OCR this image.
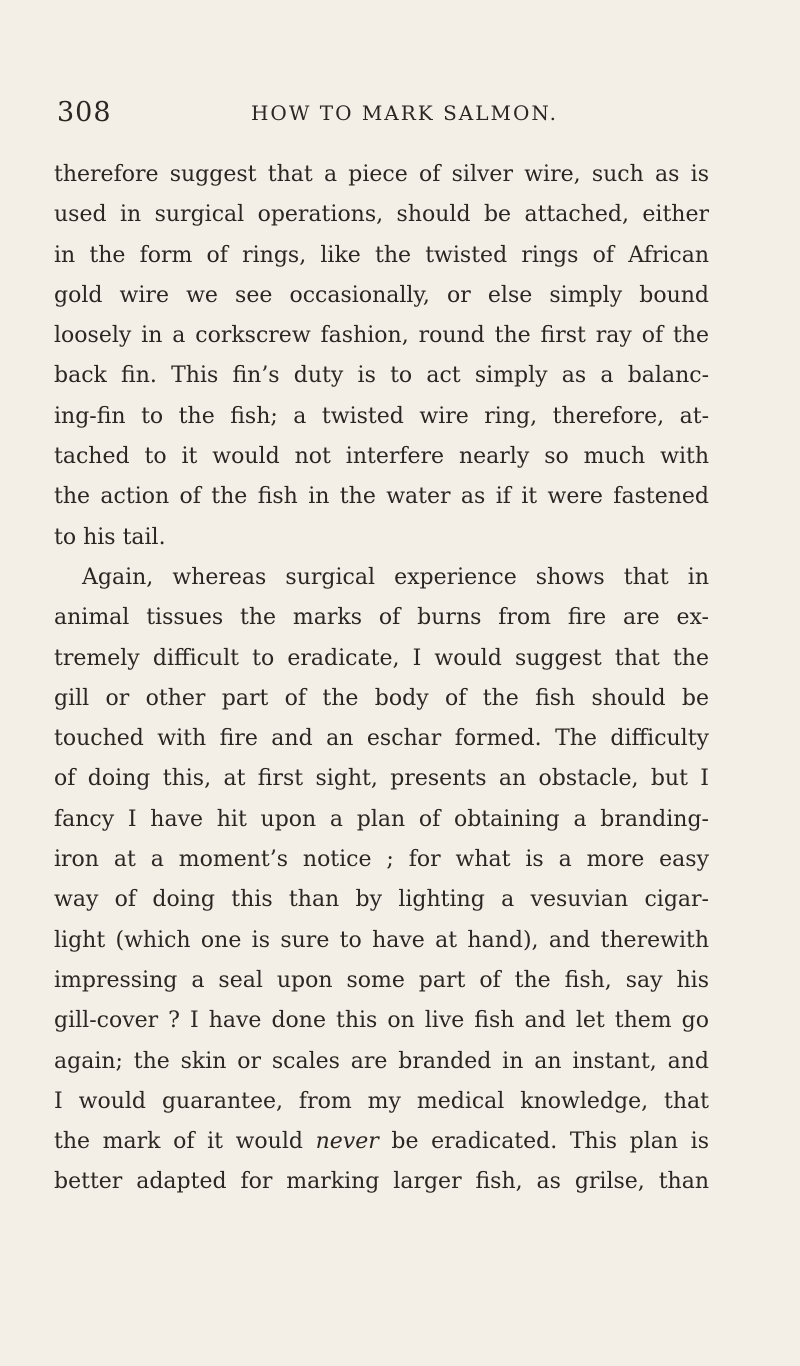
308	HOW TO MARK SALMON.
therefore suggest that a piece of silver wire, such as is
used in surgical operations, should be attached, either
in the form of rings, like the twisted rings of African
gold wire we see occasionally, or else simply bound
loosely in a corkscrew fashion, round the first ray of the
back fin. This fin’s duty is to act simply as a balanc-
ing-fin to the fish; a twisted wire ring, therefore, at-
tached to it would not interfere nearly so much with
the action of the fish in the water as if it were fastened
to his tail.
Again, whereas surgical experience shows that in
animal tissues the marks of burns from fire are ex-
tremely difficult to eradicate, I would suggest that the
gill or other part of the body of the fish should be
touched with fire and an eschar formed. The difficulty
of doing this, at first sight, presents an obstacle, but I
fancy I have hit upon a plan of obtaining a branding-
iron at a moment’s notice ; for what is a more easy
way of doing this than by lighting a vesuvian cigar-
light (which one is sure to have at hand), and therewith
impressing a seal upon some part of the fish, say his
gill-cover ? I have done this on live fish and let them go
again; the skin or scales are branded in an instant, and
I would guarantee, from my medical knowledge, that
the mark of it would never be eradicated. This plan is
better adapted for marking larger fish, as grilse, than
